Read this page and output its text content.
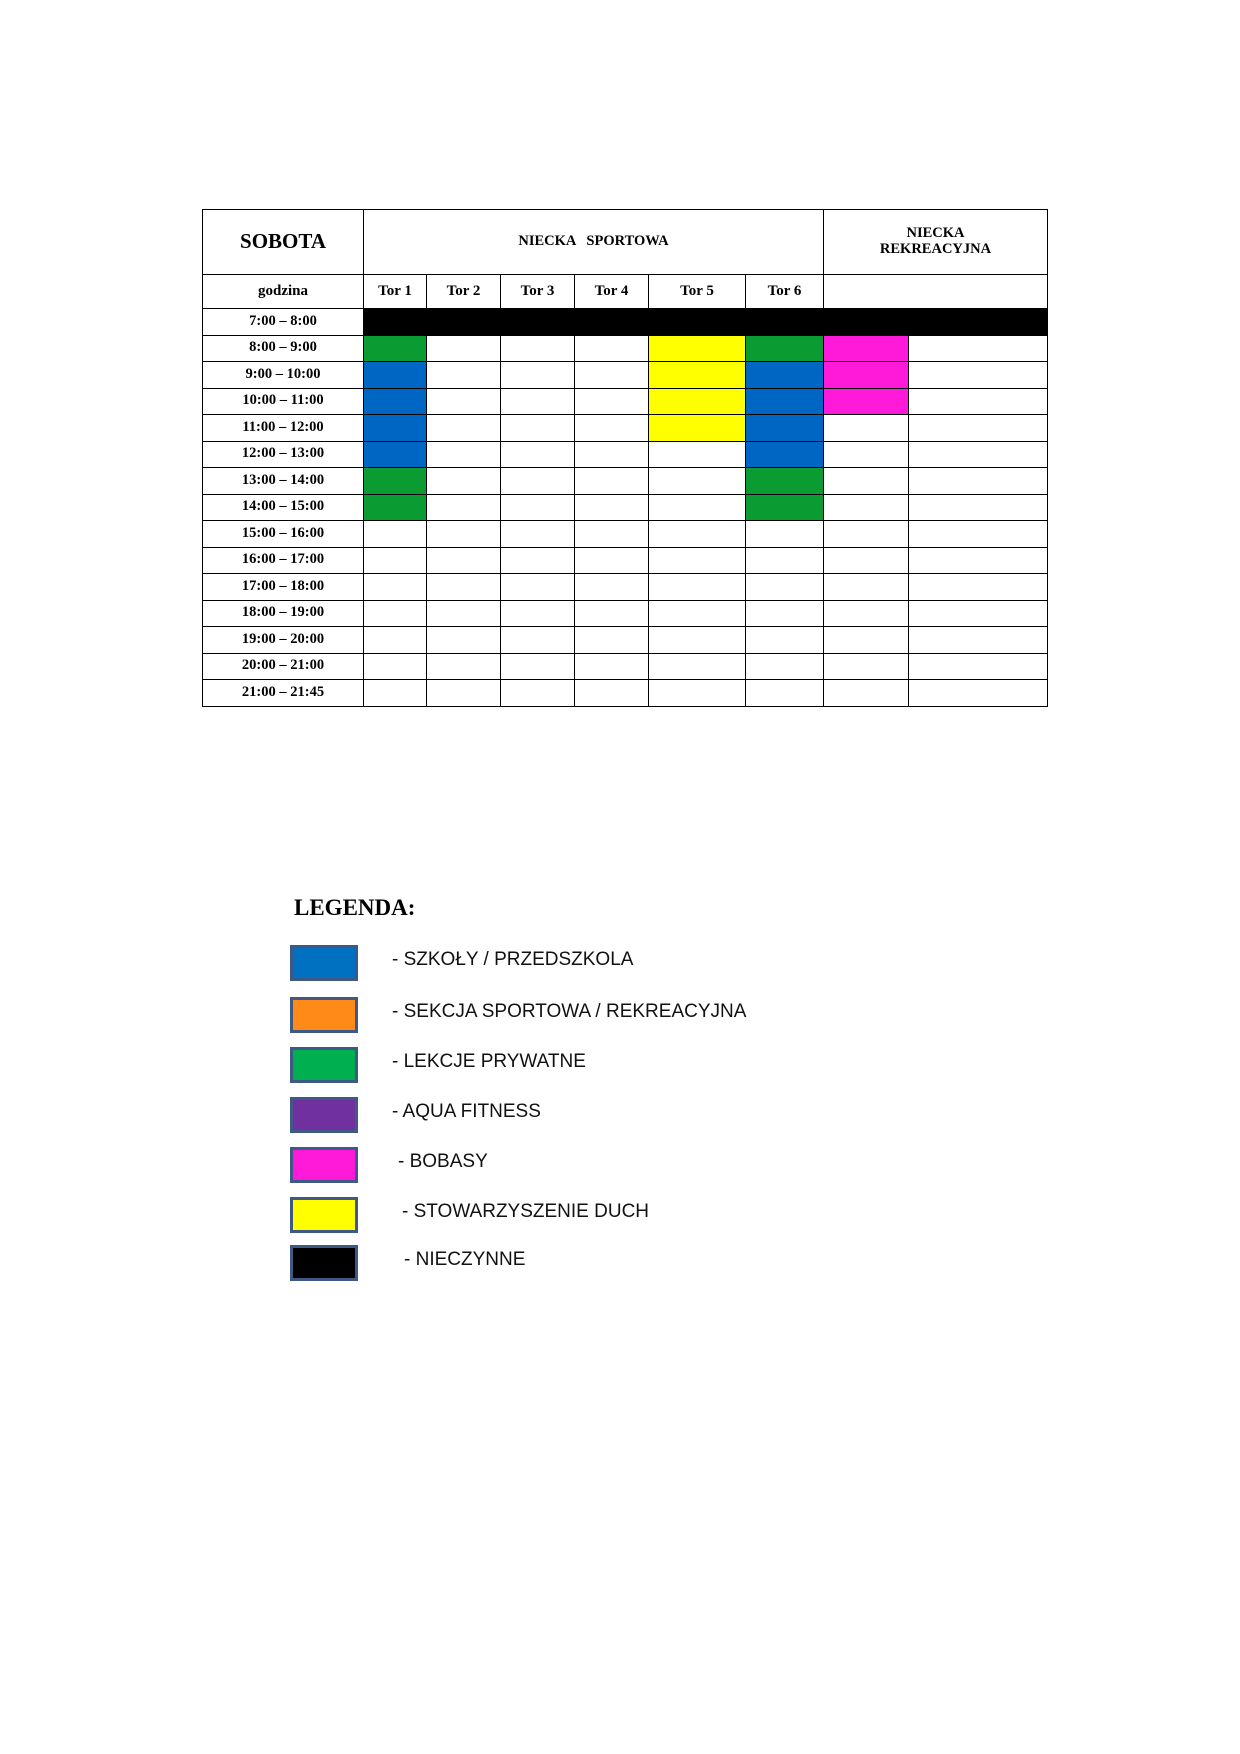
SOBOTA	NIECKA   SPORTOWA						NIECKA
REKREACYJNA	

godzina	Tor 1	Tor 2	Tor 3	Tor 4	Tor 5	Tor 6		
7:00 – 8:00								
8:00 – 9:00								
9:00 – 10:00								
10:00 – 11:00								
11:00 – 12:00								
12:00 – 13:00								
13:00 – 14:00								
14:00 – 15:00								
15:00 – 16:00								
16:00 – 17:00								
17:00 – 18:00								
18:00 – 19:00								
19:00 – 20:00								
20:00 – 21:00								
21:00 – 21:45								
LEGENDA:
- SZKOŁY / PRZEDSZKOLA
- SEKCJA SPORTOWA / REKREACYJNA
- LEKCJE PRYWATNE
- AQUA FITNESS
- BOBASY
- STOWARZYSZENIE DUCH
- NIECZYNNE
